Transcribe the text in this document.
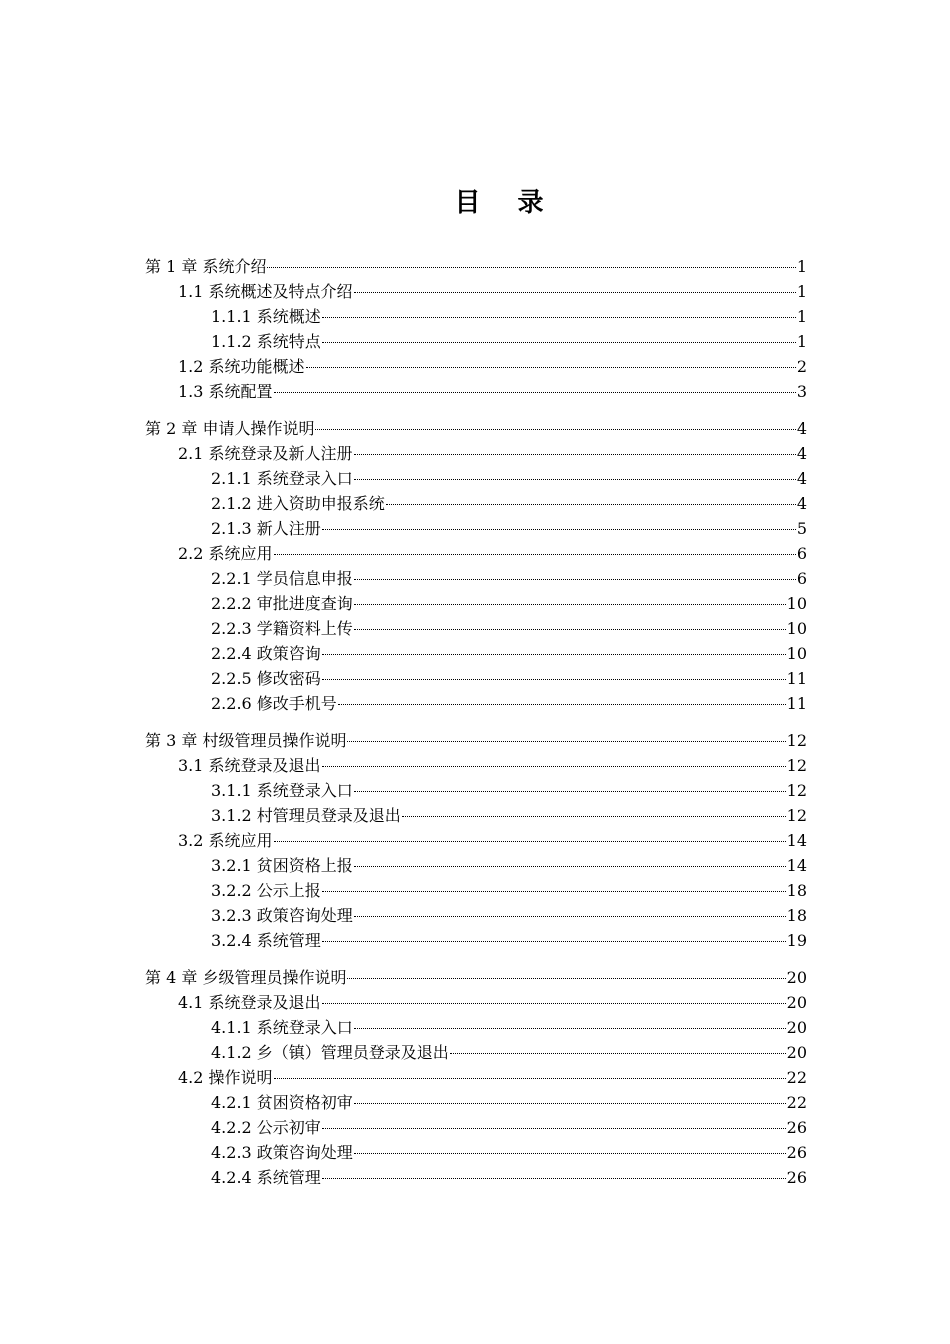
目 录
第 1 章 系统介绍	1
1.1 系统概述及特点介绍	1
1.1.1 系统概述	1
1.1.2 系统特点	1
1.2 系统功能概述	2
1.3 系统配置	3
第 2 章 申请人操作说明	4
2.1 系统登录及新人注册	4
2.1.1 系统登录入口	4
2.1.2 进入资助申报系统	4
2.1.3 新人注册	5
2.2 系统应用	6
2.2.1 学员信息申报	6
2.2.2 审批进度查询	10
2.2.3 学籍资料上传	10
2.2.4 政策咨询	10
2.2.5 修改密码	11
2.2.6 修改手机号	11
第 3 章 村级管理员操作说明	12
3.1 系统登录及退出	12
3.1.1 系统登录入口	12
3.1.2 村管理员登录及退出	12
3.2 系统应用	14
3.2.1 贫困资格上报	14
3.2.2 公示上报	18
3.2.3 政策咨询处理	18
3.2.4 系统管理	19
第 4 章 乡级管理员操作说明	20
4.1 系统登录及退出	20
4.1.1 系统登录入口	20
4.1.2 乡（镇）管理员登录及退出	20
4.2 操作说明	22
4.2.1 贫困资格初审	22
4.2.2 公示初审	26
4.2.3 政策咨询处理	26
4.2.4 系统管理	26
